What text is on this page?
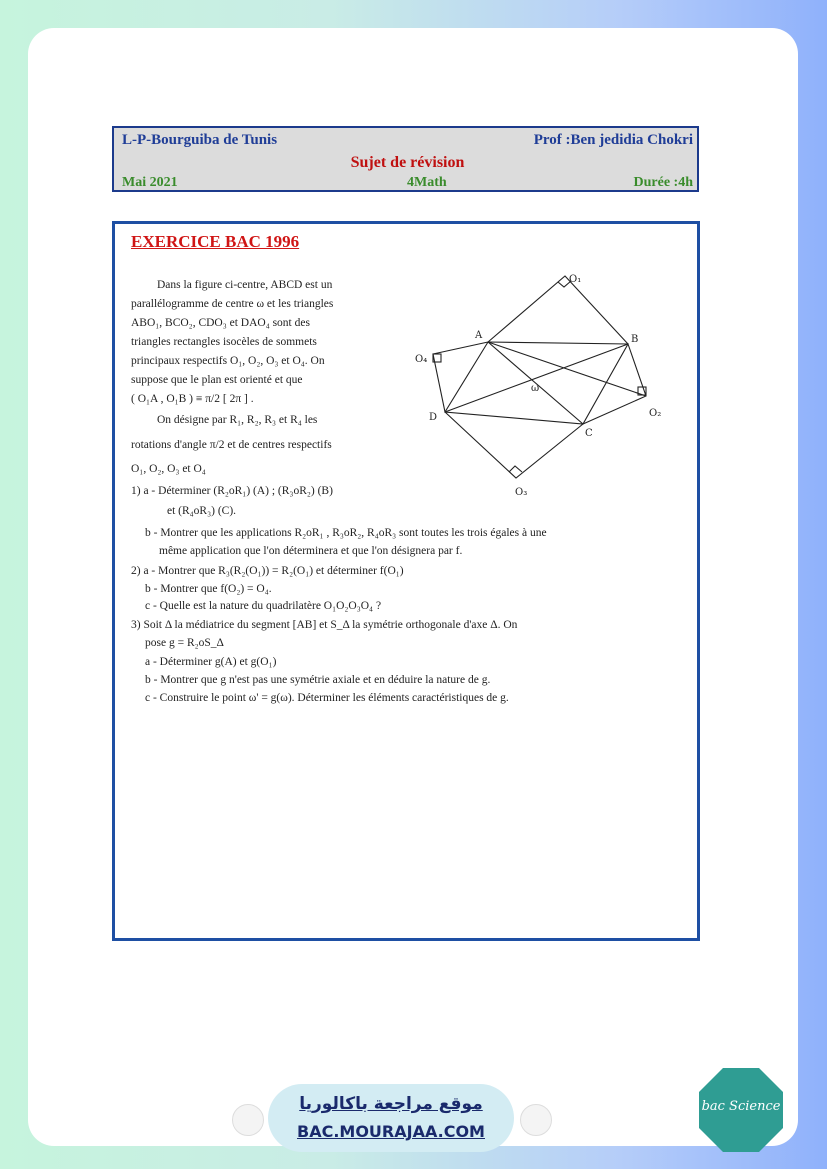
L-P-Bourguiba de Tunis	Prof :Ben jedidia Chokri
Sujet de révision
Mai 2021	4Math	Durée :4h
EXERCICE BAC 1996
Dans la figure ci-centre, ABCD est un
parallélogramme de centre ω et les triangles
ABO₁, BCO₂, CDO₃ et DAO₄ sont des
triangles rectangles isocèles de sommets
principaux respectifs O₁, O₂, O₃ et O₄. On
suppose que le plan est orienté et que
( O₁A , O₁B ) ≡ π/2 [ 2π ] .
On désigne par R₁, R₂, R₃ et R₄ les
rotations d'angle π/2 et de centres respectifs
O₁, O₂, O₃ et O₄
1) a - Déterminer (R₂oR₁) (A) ; (R₃oR₂) (B)
et (R₄oR₃) (C).
b - Montrer que les applications R₂oR₁ , R₃oR₂, R₄oR₃ sont toutes les trois égales à une
même application que l'on déterminera et que l'on désignera par f.
2) a - Montrer que R₃(R₂(O₁)) = R₂(O₁) et déterminer f(O₁)
b - Montrer que f(O₂) = O₄.
c - Quelle est la nature du quadrilatère O₁O₂O₃O₄ ?
3) Soit Δ la médiatrice du segment [AB] et S_Δ la symétrie orthogonale d'axe Δ. On
pose g = R₂oS_Δ
a - Déterminer g(A) et g(O₁)
b - Montrer que g n'est pas une symétrie axiale et en déduire la nature de g.
c - Construire le point ω' = g(ω). Déterminer les éléments caractéristiques de g.
A	B
C
D
ω
O₁
O₂
O₃
O₄
موقع مراجعة باكالوريا
BAC.MOURAJAA.COM
bac Science
